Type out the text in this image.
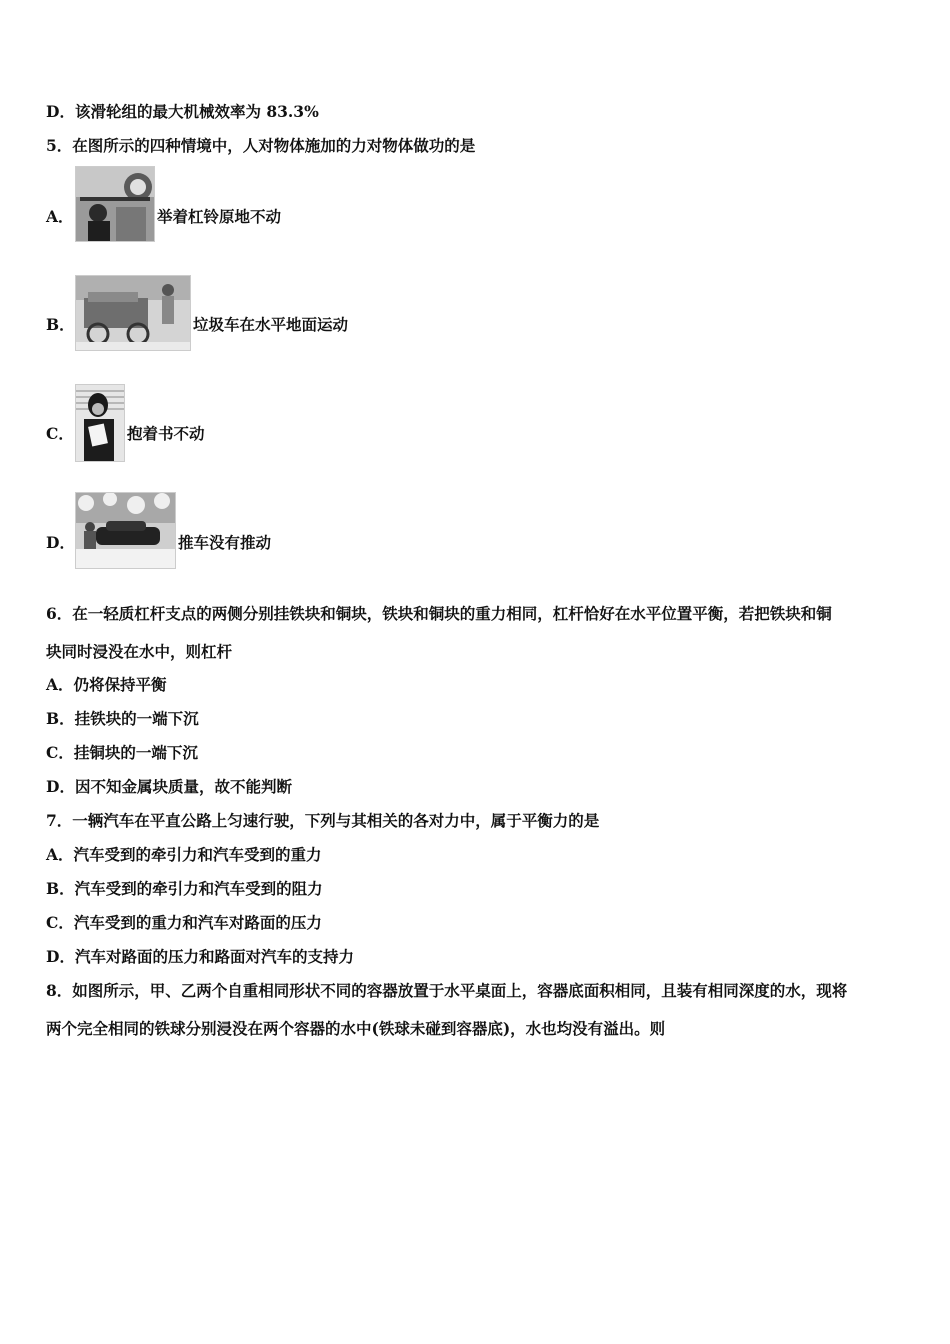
D．该滑轮组的最大机械效率为 83.3%
5．在图所示的四种情境中，人对物体施加的力对物体做功的是
A．	举着杠铃原地不动
B．	垃圾车在水平地面运动
C．	抱着书不动
D．	推车没有推动
6．在一轻质杠杆支点的两侧分别挂铁块和铜块，铁块和铜块的重力相同，杠杆恰好在水平位置平衡，若把铁块和铜
块同时浸没在水中，则杠杆
A．仍将保持平衡
B．挂铁块的一端下沉
C．挂铜块的一端下沉
D．因不知金属块质量，故不能判断
7．一辆汽车在平直公路上匀速行驶，下列与其相关的各对力中，属于平衡力的是
A．汽车受到的牵引力和汽车受到的重力
B．汽车受到的牵引力和汽车受到的阻力
C．汽车受到的重力和汽车对路面的压力
D．汽车对路面的压力和路面对汽车的支持力
8．如图所示，甲、乙两个自重相同形状不同的容器放置于水平桌面上，容器底面积相同，且装有相同深度的水，现将
两个完全相同的铁球分别浸没在两个容器的水中(铁球未碰到容器底)，水也均没有溢出。则
